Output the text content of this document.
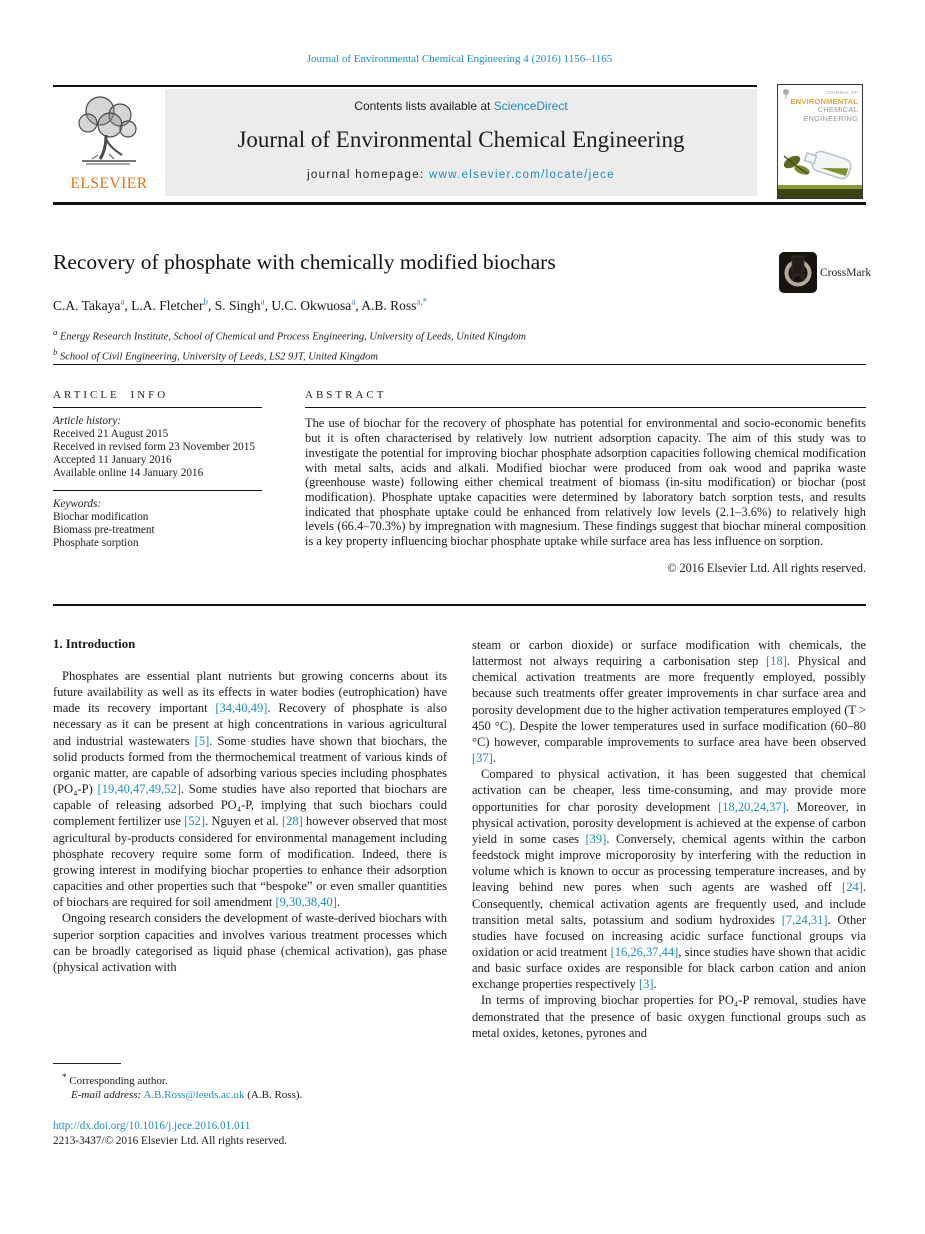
Journal of Environmental Chemical Engineering 4 (2016) 1156–1165
ELSEVIER
Contents lists available at ScienceDirect
Journal of Environmental Chemical Engineering
journal homepage: www.elsevier.com/locate/jece
JOURNAL OF
ENVIRONMENTAL
CHEMICAL
ENGINEERING
Recovery of phosphate with chemically modified biochars	CrossMark
C.A. Takaya$^a$, L.A. Fletcher$^b$, S. Singh$^a$, U.C. Okwuosa$^a$, A.B. Ross$^{a,*}$
$^a$ Energy Research Institute, School of Chemical and Process Engineering, University of Leeds, United Kingdom
$^b$ School of Civil Engineering, University of Leeds, LS2 9JT, United Kingdom
ARTICLE INFO
Article history:
Received 21 August 2015
Received in revised form 23 November 2015
Accepted 11 January 2016
Available online 14 January 2016
Keywords:
Biochar modification
Biomass pre-treatment
Phosphate sorption
ABSTRACT

The use of biochar for the recovery of phosphate has potential for environmental and socio-economic benefits but it is often characterised by relatively low nutrient adsorption capacity. The aim of this study was to investigate the potential for improving biochar phosphate adsorption capacities following chemical modification with metal salts, acids and alkali. Modified biochar were produced from oak wood and paprika waste (greenhouse waste) following either chemical treatment of biomass (in-situ modification) or biochar (post modification). Phosphate uptake capacities were determined by laboratory batch sorption tests, and results indicated that phosphate uptake could be enhanced from relatively low levels (2.1–3.6%) to relatively high levels (66.4–70.3%) by impregnation with magnesium. These findings suggest that biochar mineral composition is a key property influencing biochar phosphate uptake while surface area has less influence on sorption.

© 2016 Elsevier Ltd. All rights reserved.
1. Introduction

Phosphates are essential plant nutrients but growing concerns about its future availability as well as its effects in water bodies (eutrophication) have made its recovery important [34,40,49]. Recovery of phosphate is also necessary as it can be present at high concentrations in various agricultural and industrial wastewaters [5]. Some studies have shown that biochars, the solid products formed from the thermochemical treatment of various kinds of organic matter, are capable of adsorbing various species including phosphates (PO₄-P) [19,40,47,49,52]. Some studies have also reported that biochars are capable of releasing adsorbed PO₄-P, implying that such biochars could complement fertilizer use [52]. Nguyen et al. [28] however observed that most agricultural by-products considered for environmental management including phosphate recovery require some form of modification. Indeed, there is growing interest in modifying biochar properties to enhance their adsorption capacities and other properties such that “bespoke” or even smaller quantities of biochars are required for soil amendment [9,30,38,40].

Ongoing research considers the development of waste-derived biochars with superior sorption capacities and involves various treatment processes which can be broadly categorised as liquid phase (chemical activation), gas phase (physical activation with

steam or carbon dioxide) or surface modification with chemicals, the lattermost not always requiring a carbonisation step [18]. Physical and chemical activation treatments are more frequently employed, possibly because such treatments offer greater improvements in char surface area and porosity development due to the higher activation temperatures employed (T > 450 °C). Despite the lower temperatures used in surface modification (60–80 °C) however, comparable improvements to surface area have been observed [37].

Compared to physical activation, it has been suggested that chemical activation can be cheaper, less time-consuming, and may provide more opportunities for char porosity development [18,20,24,37]. Moreover, in physical activation, porosity development is achieved at the expense of carbon yield in some cases [39]. Conversely, chemical agents within the carbon feedstock might improve microporosity by interfering with the reduction in volume which is known to occur as processing temperature increases, and by leaving behind new pores when such agents are washed off [24]. Consequently, chemical activation agents are frequently used, and include transition metal salts, potassium and sodium hydroxides [7,24,31]. Other studies have focused on increasing acidic surface functional groups via oxidation or acid treatment [16,26,37,44], since studies have shown that acidic and basic surface oxides are responsible for black carbon cation and anion exchange properties respectively [3].

In terms of improving biochar properties for PO₄-P removal, studies have demonstrated that the presence of basic oxygen functional groups such as metal oxides, ketones, pyrones and

* Corresponding author.
E-mail address: A.B.Ross@leeds.ac.uk (A.B. Ross).
http://dx.doi.org/10.1016/j.jece.2016.01.011
2213-3437/© 2016 Elsevier Ltd. All rights reserved.
